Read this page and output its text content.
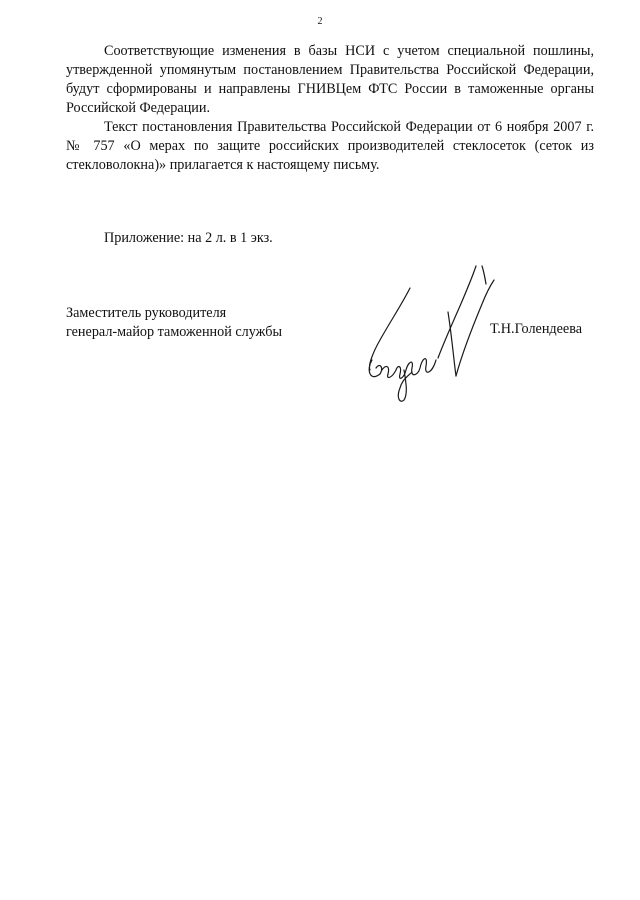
2

Соответствующие изменения в базы НСИ с учетом специальной пошлины, утвержденной упомянутым постановлением Правительства Российской Федерации, будут сформированы и направлены ГНИВЦем ФТС России в таможенные органы Российской Федерации.

Текст постановления Правительства Российской Федерации от 6 ноября 2007 г. № 757 «О мерах по защите российских производителей стеклосеток (сеток из стекловолокна)» прилагается к настоящему письму.

Приложение: на 2 л. в 1 экз.
Заместитель руководителя
генерал-майор таможенной службы	Т.Н.Голендеева
